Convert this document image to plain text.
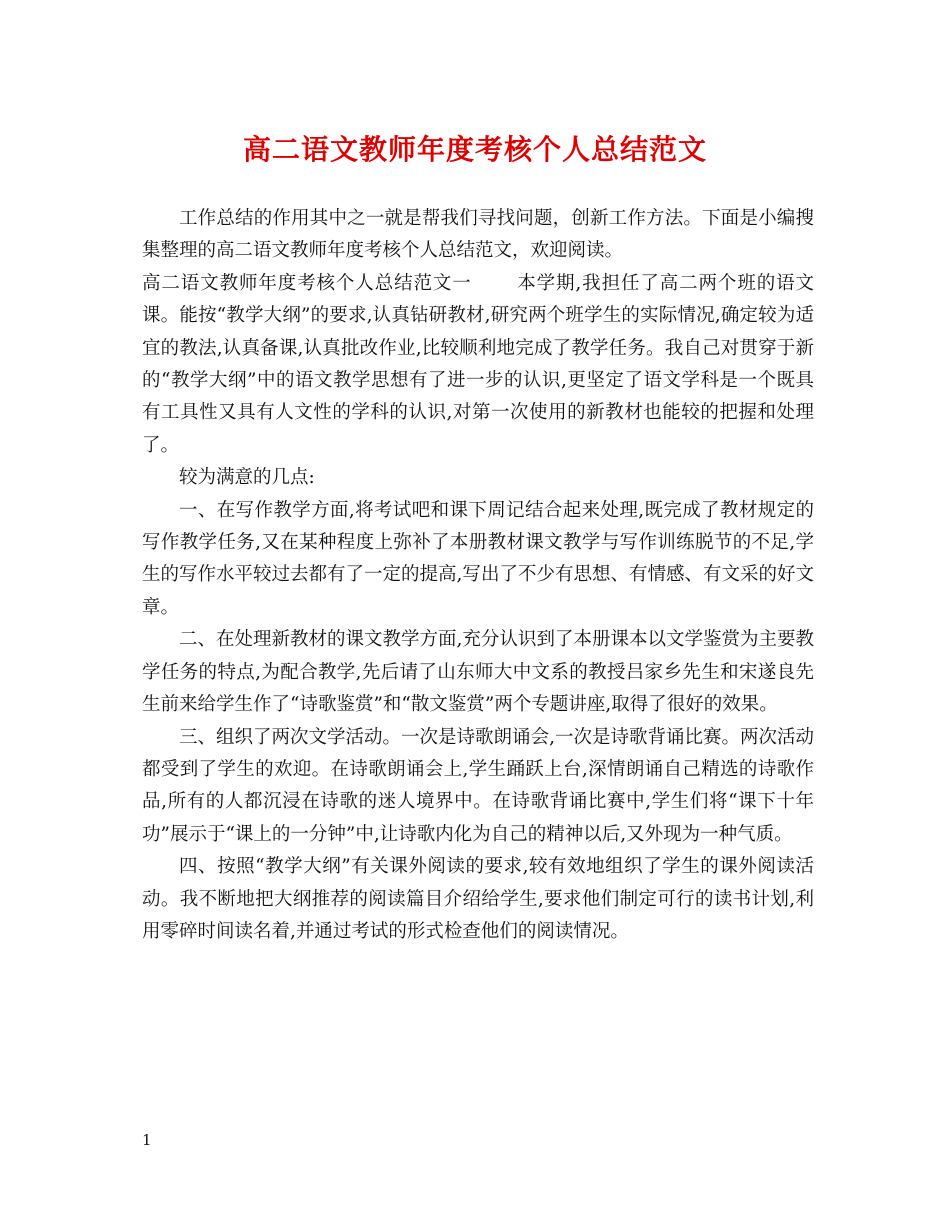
高二语文教师年度考核个人总结范文

工作总结的作用其中之一就是帮我们寻找问题，创新工作方法。下面是小编搜集整理的高二语文教师年度考核个人总结范文，欢迎阅读。

高二语文教师年度考核个人总结范文一　　 本学期,我担任了高二两个班的语文课。能按“教学大纲”的要求,认真钻研教材,研究两个班学生的实际情况,确定较为适宜的教法,认真备课,认真批改作业,比较顺利地完成了教学任务。我自己对贯穿于新的“教学大纲”中的语文教学思想有了进一步的认识,更坚定了语文学科是一个既具有工具性又具有人文性的学科的认识,对第一次使用的新教材也能较的把握和处理了。

较为满意的几点:

一、在写作教学方面,将考试吧和课下周记结合起来处理,既完成了教材规定的写作教学任务,又在某种程度上弥补了本册教材课文教学与写作训练脱节的不足,学生的写作水平较过去都有了一定的提高,写出了不少有思想、有情感、有文采的好文章。

二、在处理新教材的课文教学方面,充分认识到了本册课本以文学鉴赏为主要教学任务的特点,为配合教学,先后请了山东师大中文系的教授吕家乡先生和宋遂良先生前来给学生作了“诗歌鉴赏”和“散文鉴赏”两个专题讲座,取得了很好的效果。

三、组织了两次文学活动。一次是诗歌朗诵会,一次是诗歌背诵比赛。两次活动都受到了学生的欢迎。在诗歌朗诵会上,学生踊跃上台,深情朗诵自己精选的诗歌作品,所有的人都沉浸在诗歌的迷人境界中。在诗歌背诵比赛中,学生们将“课下十年功”展示于“课上的一分钟”中,让诗歌内化为自己的精神以后,又外现为一种气质。

四、按照“教学大纲”有关课外阅读的要求,较有效地组织了学生的课外阅读活动。我不断地把大纲推荐的阅读篇目介绍给学生,要求他们制定可行的读书计划,利用零碎时间读名着,并通过考试的形式检查他们的阅读情况。

1
